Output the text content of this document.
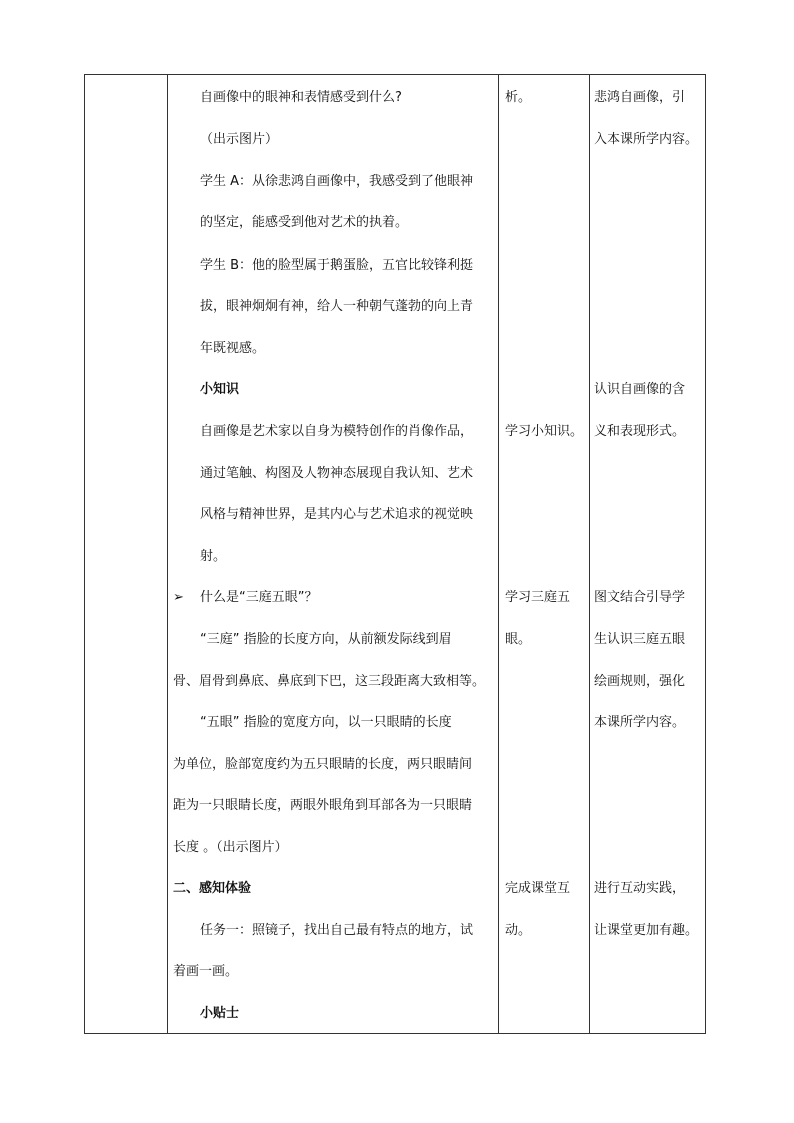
自画像中的眼神和表情感受到什么?
（出示图片）
学生 A：从徐悲鸿自画像中，我感受到了他眼神
的坚定，能感受到他对艺术的执着。
学生 B：他的脸型属于鹅蛋脸，五官比较锋利挺
拔，眼神炯炯有神，给人一种朝气蓬勃的向上青
年既视感。
小知识
自画像是艺术家以自身为模特创作的肖像作品，
通过笔触、构图及人物神态展现自我认知、艺术
风格与精神世界，是其内心与艺术追求的视觉映
射。
➢ 什么是“三庭五眼”？
“三庭” 指脸的长度方向，从前额发际线到眉
骨、眉骨到鼻底、鼻底到下巴，这三段距离大致相等。
“五眼” 指脸的宽度方向，以一只眼睛的长度
为单位，脸部宽度约为五只眼睛的长度，两只眼睛间
距为一只眼睛长度，两眼外眼角到耳部各为一只眼睛
长度 。（出示图片）
二、感知体验
任务一：照镜子，找出自己最有特点的地方，试
着画一画。
小贴士
析。
学习小知识。
学习三庭五
眼。
完成课堂互
动。
悲鸿自画像，引
入本课所学内容。
认识自画像的含
义和表现形式。
图文结合引导学
生认识三庭五眼
绘画规则，强化
本课所学内容。
进行互动实践，
让课堂更加有趣。
